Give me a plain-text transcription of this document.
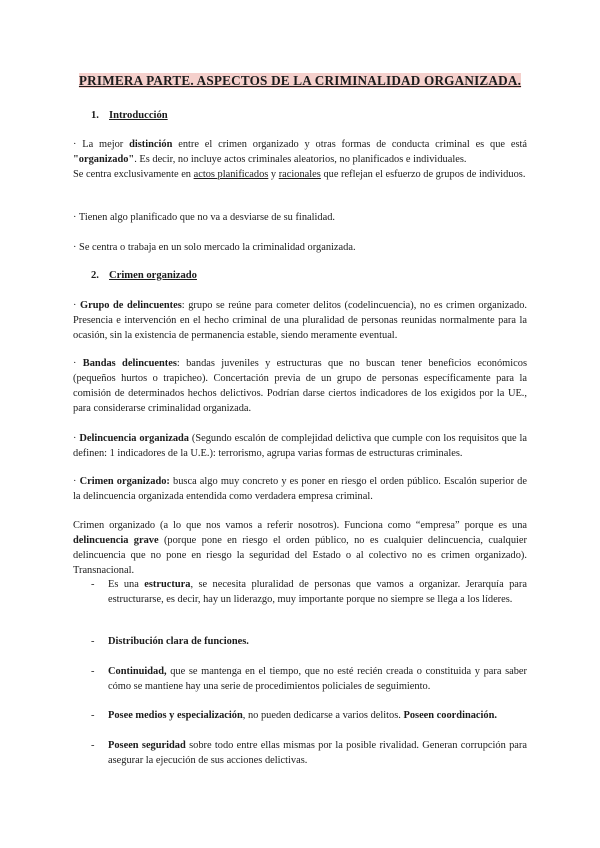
PRIMERA PARTE. ASPECTOS DE LA CRIMINALIDAD ORGANIZADA.
1. Introducción
· La mejor distinción entre el crimen organizado y otras formas de conducta criminal es que está "organizado". Es decir, no incluye actos criminales aleatorios, no planificados e individuales.
Se centra exclusivamente en actos planificados y racionales que reflejan el esfuerzo de grupos de individuos.
· Tienen algo planificado que no va a desviarse de su finalidad.
· Se centra o trabaja en un solo mercado la criminalidad organizada.
2. Crimen organizado
· Grupo de delincuentes: grupo se reúne para cometer delitos (codelincuencia), no es crimen organizado. Presencia e intervención en el hecho criminal de una pluralidad de personas reunidas normalmente para la ocasión, sin la existencia de permanencia estable, siendo meramente eventual.
· Bandas delincuentes: bandas juveniles y estructuras que no buscan tener beneficios económicos (pequeños hurtos o trapicheo). Concertación previa de un grupo de personas específicamente para la comisión de determinados hechos delictivos. Podrían darse ciertos indicadores de los exigidos por la UE., para considerarse criminalidad organizada.
· Delincuencia organizada (Segundo escalón de complejidad delictiva que cumple con los requisitos que la definen: 1 indicadores de la U.E.): terrorismo, agrupa varias formas de estructuras criminales.
· Crimen organizado: busca algo muy concreto y es poner en riesgo el orden público. Escalón superior de la delincuencia organizada entendida como verdadera empresa criminal.
Crimen organizado (a lo que nos vamos a referir nosotros). Funciona como “empresa” porque es una delincuencia grave (porque pone en riesgo el orden público, no es cualquier delincuencia, cualquier delincuencia que no pone en riesgo la seguridad del Estado o al colectivo no es crimen organizado). Transnacional.
- Es una estructura, se necesita pluralidad de personas que vamos a organizar. Jerarquía para estructurarse, es decir, hay un liderazgo, muy importante porque no siempre se llega a los líderes.
- Distribución clara de funciones.
- Continuidad, que se mantenga en el tiempo, que no esté recién creada o constituida y para saber cómo se mantiene hay una serie de procedimientos policiales de seguimiento.
- Posee medios y especialización, no pueden dedicarse a varios delitos. Poseen coordinación.
- Poseen seguridad sobre todo entre ellas mismas por la posible rivalidad. Generan corrupción para asegurar la ejecución de sus acciones delictivas.
